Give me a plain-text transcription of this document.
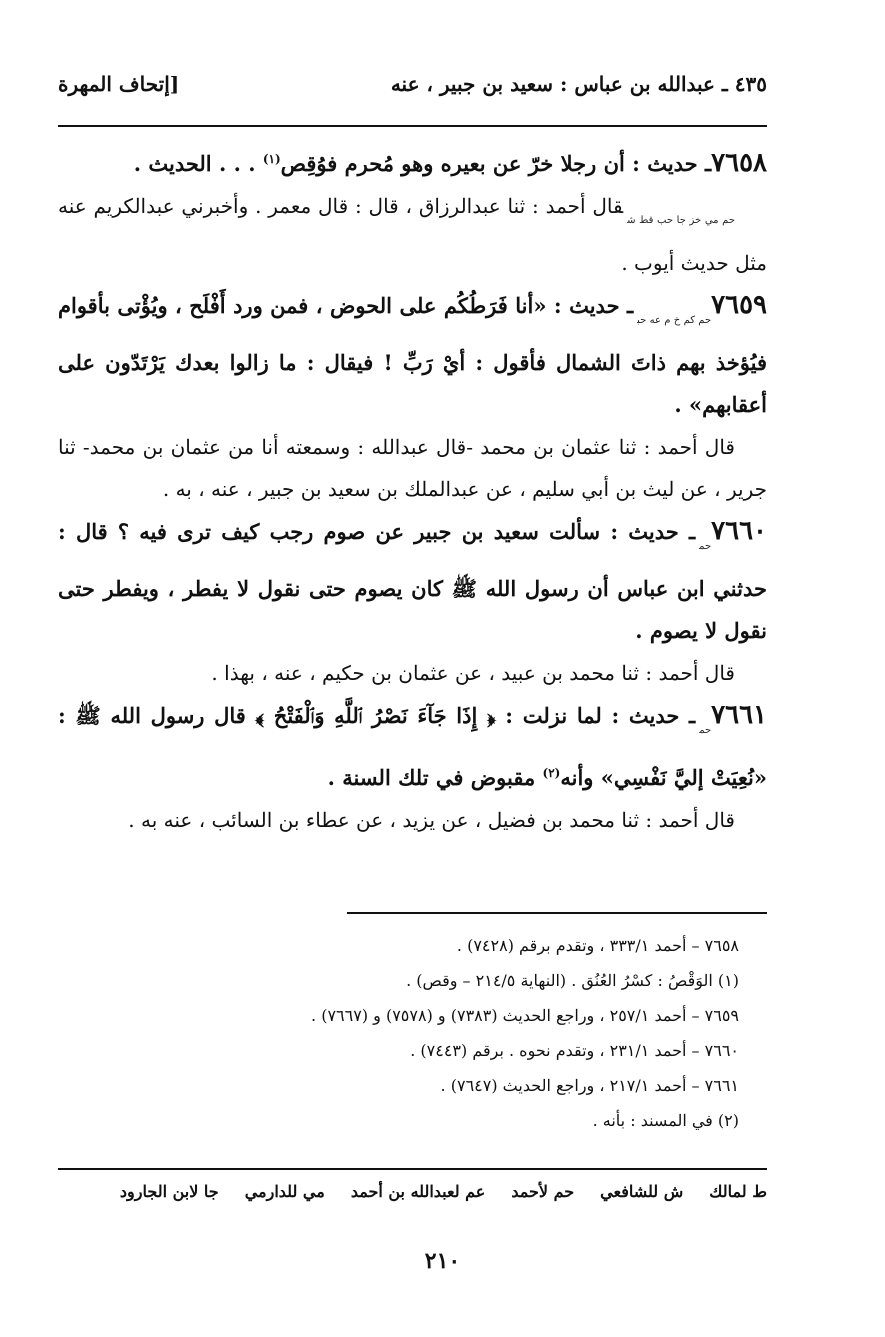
٤٣٥ ـ عبدالله بن عباس : سعيد بن جبير ، عنه
[إتحاف المهرة

٧٦٥٨ـ حديث : أن رجلا خرّ عن بعيره وهو مُحرم فوُقِص$^{(١)}$ . . . الحديث .

$_{حم مي خز جا حب قط ش}$قال أحمد : ثنا عبدالرزاق ، قال : قال معمر . وأخبرني عبدالكريم عنه مثل حديث أيوب .

$٧٦٥٩_{حم كم خ م عه حب}ـ$ حديث : «أنا فَرَطُكُم على الحوض ، فمن ورد أَفْلَح ، ويُؤْتى بأقوام فيُؤخذ بهم ذاتَ الشمال فأقول : أيْ رَبِّ ! فيقال : ما زالوا بعدك يَرْتَدّون على أعقابهم» .

قال أحمد : ثنا عثمان بن محمد -قال عبدالله : وسمعته أنا من عثمان بن محمد- ثنا جرير ، عن ليث بن أبي سليم ، عن عبدالملك بن سعيد بن جبير ، عنه ، به .

$٧٦٦٠_{حم}ـ$ حديث : سألت سعيد بن جبير عن صوم رجب كيف ترى فيه ؟ قال : حدثني ابن عباس أن رسول الله ﷺ كان يصوم حتى نقول لا يفطر ، ويفطر حتى نقول لا يصوم .

قال أحمد : ثنا محمد بن عبيد ، عن عثمان بن حكيم ، عنه ، بهذا .

$٧٦٦١_{حم}ـ$ حديث : لما نزلت : ﴿ إِذَا جَآءَ نَصْرُ ٱللَّهِ وَٱلْفَتْحُ ﴾ قال رسول الله ﷺ : «نُعِيَتْ إليَّ نَفْسِي» وأنه$^{(٢)}$ مقبوض في تلك السنة .

قال أحمد : ثنا محمد بن فضيل ، عن يزيد ، عن عطاء بن السائب ، عنه به .

٧٦٥٨ – أحمد ٣٣٣/١ ، وتقدم برقم (٧٤٢٨) .
(١) الوَقْصُ : كسْرُ العُنُق . (النهاية ٢١٤/٥ – وقص) .
٧٦٥٩ – أحمد ٢٥٧/١ ، وراجع الحديث (٧٣٨٣) و (٧٥٧٨) و (٧٦٦٧) .
٧٦٦٠ – أحمد ٢٣١/١ ، وتقدم نحوه . برقم (٧٤٤٣) .
٧٦٦١ – أحمد ٢١٧/١ ، وراجع الحديث (٧٦٤٧) .
(٢) في المسند : بأنه .
ط لمالك
ش للشافعي
حم لأحمد
عم لعبدالله بن أحمد
مي للدارمي
جا لابن الجارود
٢١٠
